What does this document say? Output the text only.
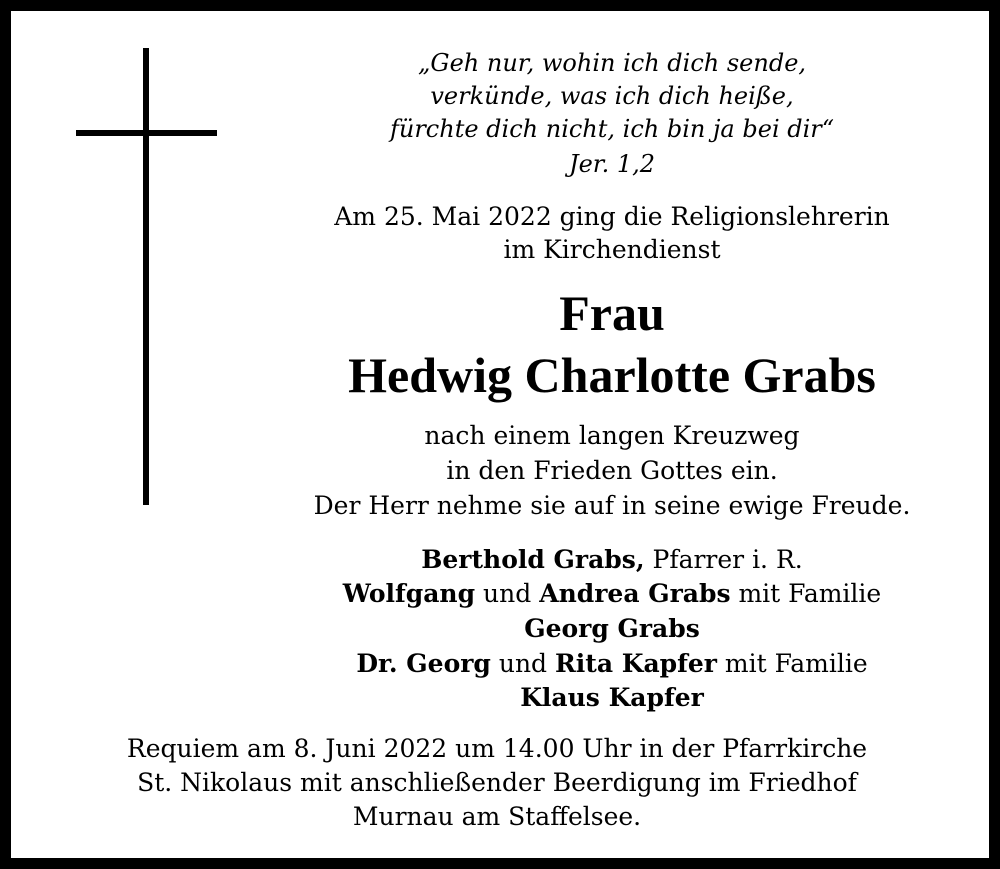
„Geh nur, wohin ich dich sende,
verkünde, was ich dich heiße,
fürchte dich nicht, ich bin ja bei dir“
Jer. 1,2
Am 25. Mai 2022 ging die Religionslehrerin
im Kirchendienst
Frau
Hedwig Charlotte Grabs
nach einem langen Kreuzweg
in den Frieden Gottes ein.
Der Herr nehme sie auf in seine ewige Freude.
Berthold Grabs, Pfarrer i. R.
Wolfgang und Andrea Grabs mit Familie
Georg Grabs
Dr. Georg und Rita Kapfer mit Familie
Klaus Kapfer
Requiem am 8. Juni 2022 um 14.00 Uhr in der Pfarrkirche
St. Nikolaus mit anschließender Beerdigung im Friedhof
Murnau am Staffelsee.
